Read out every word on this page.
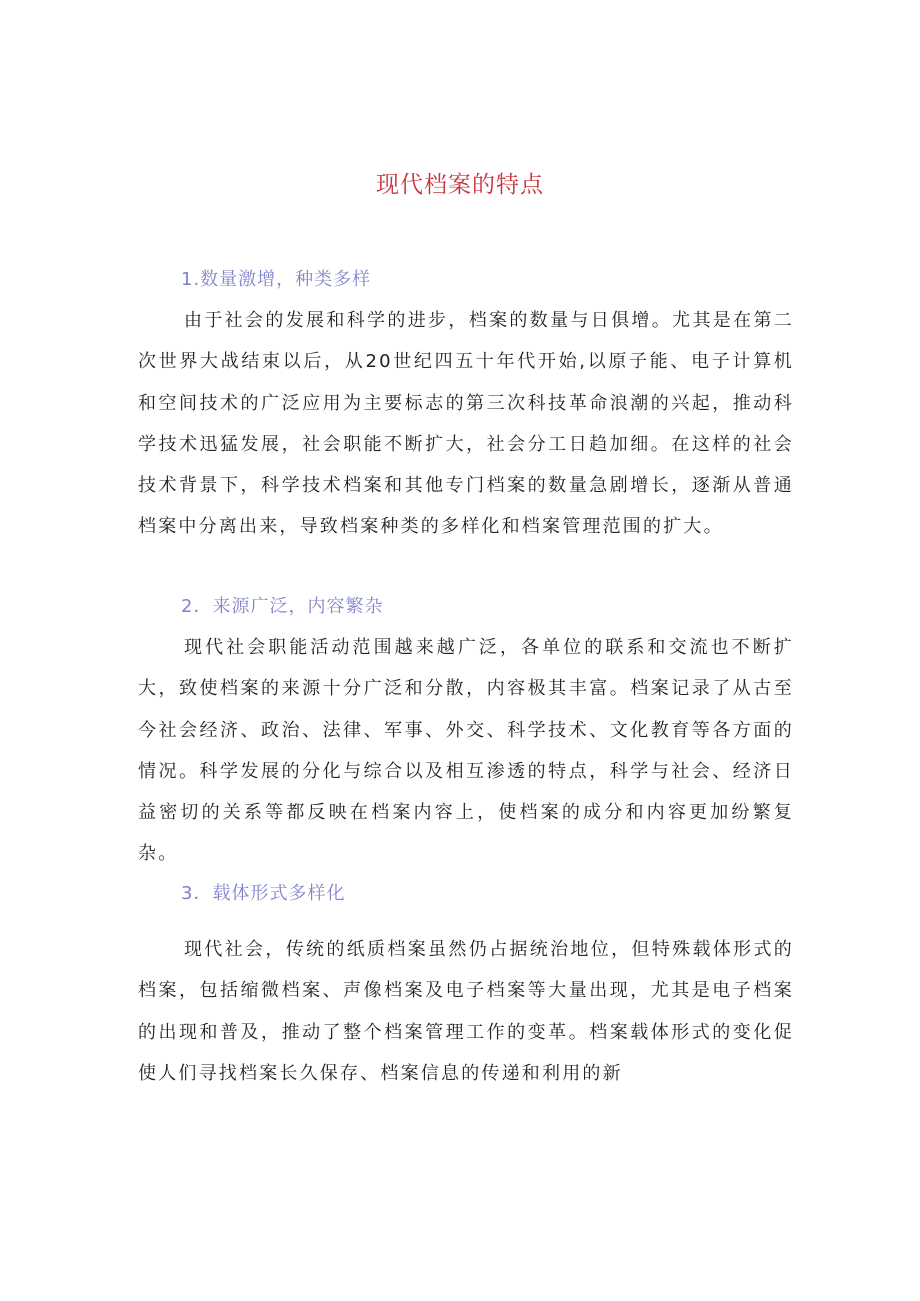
现代档案的特点
1.数量激增，种类多样
由于社会的发展和科学的进步，档案的数量与日俱增。尤其是在第二次世界大战结束以后，从20世纪四五十年代开始,以原子能、电子计算机和空间技术的广泛应用为主要标志的第三次科技革命浪潮的兴起，推动科学技术迅猛发展，社会职能不断扩大，社会分工日趋加细。在这样的社会技术背景下，科学技术档案和其他专门档案的数量急剧增长，逐渐从普通档案中分离出来，导致档案种类的多样化和档案管理范围的扩大。
2．来源广泛，内容繁杂
现代社会职能活动范围越来越广泛，各单位的联系和交流也不断扩大，致使档案的来源十分广泛和分散，内容极其丰富。档案记录了从古至今社会经济、政治、法律、军事、外交、科学技术、文化教育等各方面的情况。科学发展的分化与综合以及相互渗透的特点，科学与社会、经济日益密切的关系等都反映在档案内容上，使档案的成分和内容更加纷繁复杂。
3．载体形式多样化
现代社会，传统的纸质档案虽然仍占据统治地位，但特殊载体形式的档案，包括缩微档案、声像档案及电子档案等大量出现，尤其是电子档案的出现和普及，推动了整个档案管理工作的变革。档案载体形式的变化促使人们寻找档案长久保存、档案信息的传递和利用的新
